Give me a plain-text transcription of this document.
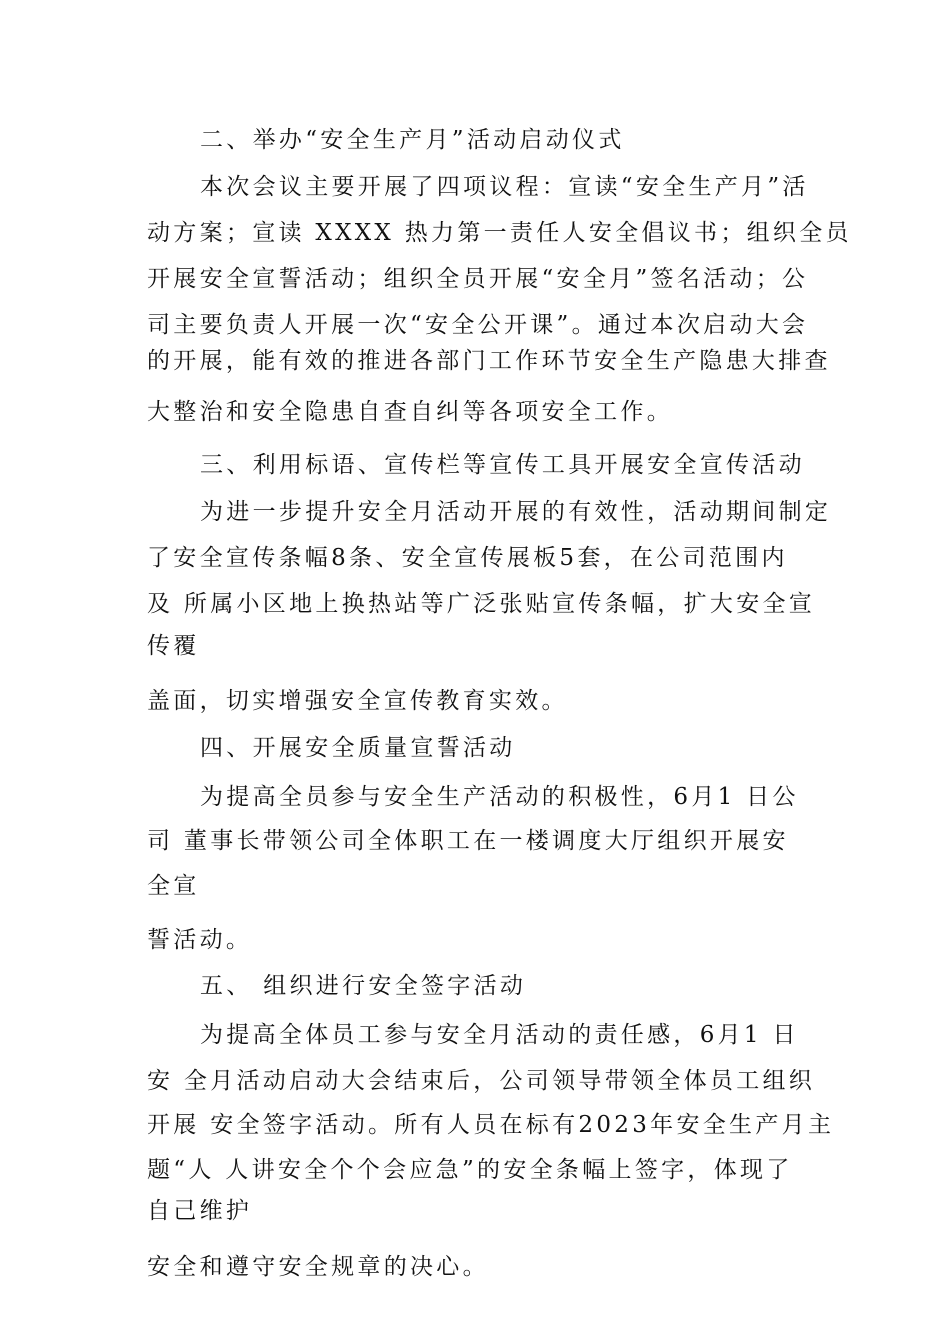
二、举办“安全生产月”活动启动仪式
本次会议主要开展了四项议程：宣读“安全生产月”活
动方案；宣读 XXXX 热力第一责任人安全倡议书；组织全员
开展安全宣誓活动；组织全员开展“安全月”签名活动；公
司主要负责人开展一次“安全公开课”。通过本次启动大会
的开展，能有效的推进各部门工作环节安全生产隐患大排查
大整治和安全隐患自查自纠等各项安全工作。
三、利用标语、宣传栏等宣传工具开展安全宣传活动
为进一步提升安全月活动开展的有效性，活动期间制定
了安全宣传条幅8条、安全宣传展板5套，在公司范围内
及 所属小区地上换热站等广泛张贴宣传条幅，扩大安全宣
传覆
盖面，切实增强安全宣传教育实效。
四、开展安全质量宣誓活动
为提高全员参与安全生产活动的积极性，6月1 日公
司 董事长带领公司全体职工在一楼调度大厅组织开展安
全宣
誓活动。
五、 组织进行安全签字活动
为提高全体员工参与安全月活动的责任感，6月1 日
安 全月活动启动大会结束后，公司领导带领全体员工组织
开展 安全签字活动。所有人员在标有2023年安全生产月主
题“人 人讲安全个个会应急”的安全条幅上签字，体现了
自己维护
安全和遵守安全规章的决心。
